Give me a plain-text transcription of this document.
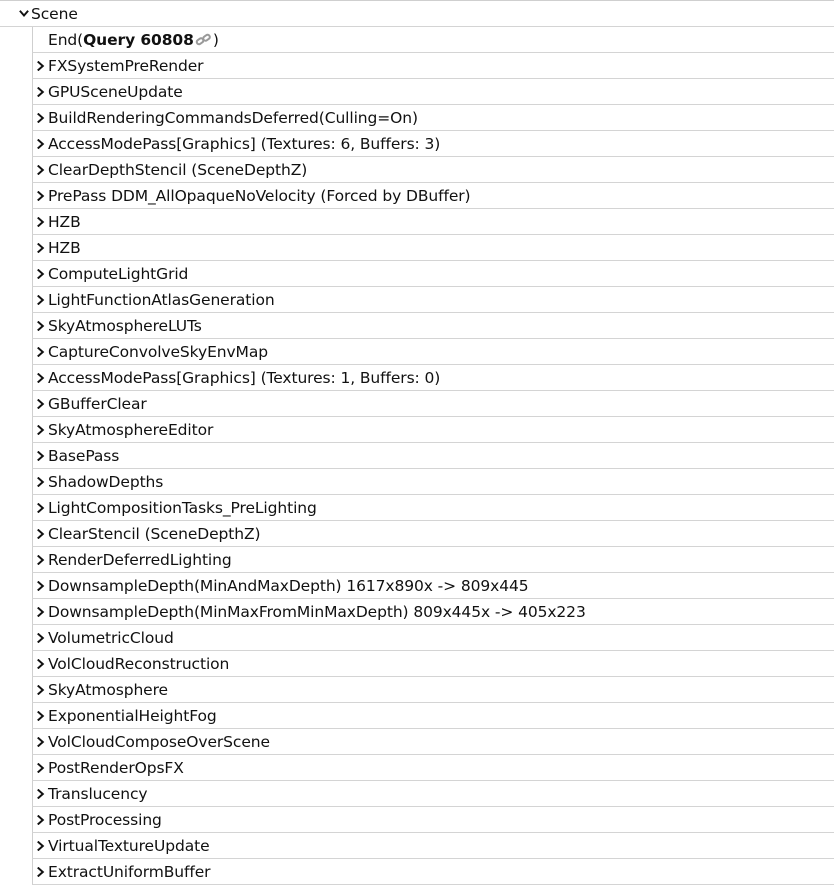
Scene
End( Query 60808 )
FXSystemPreRender
GPUSceneUpdate
BuildRenderingCommandsDeferred(Culling=On)
AccessModePass[Graphics] (Textures: 6, Buffers: 3)
ClearDepthStencil (SceneDepthZ)
PrePass DDM_AllOpaqueNoVelocity (Forced by DBuffer)
HZB
HZB
ComputeLightGrid
LightFunctionAtlasGeneration
SkyAtmosphereLUTs
CaptureConvolveSkyEnvMap
AccessModePass[Graphics] (Textures: 1, Buffers: 0)
GBufferClear
SkyAtmosphereEditor
BasePass
ShadowDepths
LightCompositionTasks_PreLighting
ClearStencil (SceneDepthZ)
RenderDeferredLighting
DownsampleDepth(MinAndMaxDepth) 1617x890x -> 809x445
DownsampleDepth(MinMaxFromMinMaxDepth) 809x445x -> 405x223
VolumetricCloud
VolCloudReconstruction
SkyAtmosphere
ExponentialHeightFog
VolCloudComposeOverScene
PostRenderOpsFX
Translucency
PostProcessing
VirtualTextureUpdate
ExtractUniformBuffer
